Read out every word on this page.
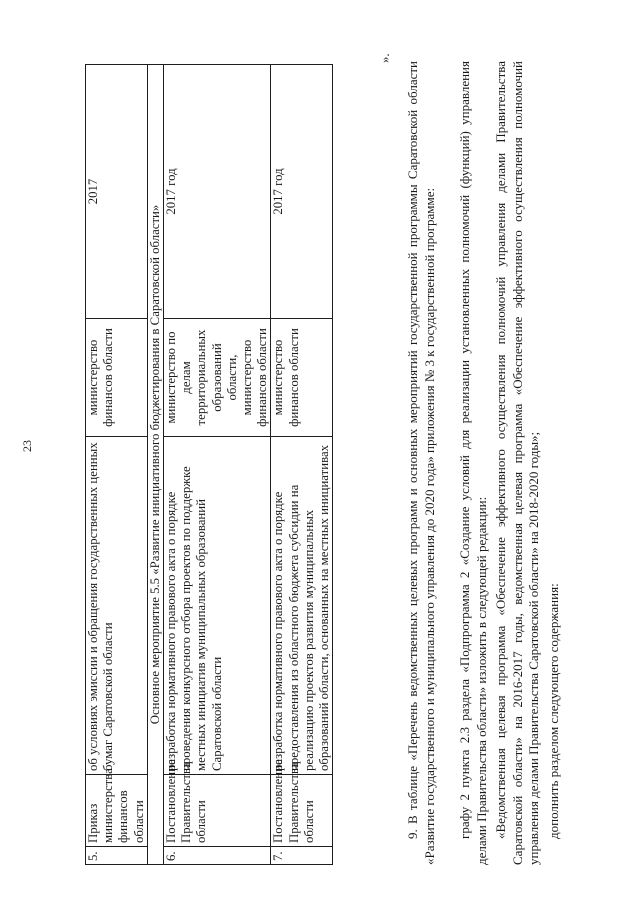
23
5.	Приказ министерства финансов области	об условиях эмиссии и обращения государственных ценных бумаг Саратовской области	министерство финансов области	2017
Основное мероприятие 5.5 «Развитие инициативного бюджетирования в Саратовской области»				
6.	Постановление Правительства области	разработка нормативного правового акта о порядке проведения конкурсного отбора проектов по поддержке местных инициатив муниципальных образований Саратовской области	министерство по делам территориальных образований области, министерство финансов области	2017 год
7.	Постановление Правительства области	разработка нормативного правового акта о порядке предоставления из областного бюджета субсидии на реализацию проектов развития муниципальных образований области, основанных на местных инициативах	министерство финансов области	2017 год
».

9. В таблице «Перечень ведомственных целевых программ и основных мероприятий государственной программы Саратовской области «Развитие государственного и муниципального управления до 2020 года» приложения № 3 к государственной программе: графу 2 пункта 2.3 раздела «Подпрограмма 2 «Создание условий для реализации установленных полномочий (функций) управления делами Правительства области» изложить в следующей редакции: «Ведомственная целевая программа «Обеспечение эффективного осуществления полномочий управления делами Правительства Саратовской области» на 2016-2017 годы, ведомственная целевая программа «Обеспечение эффективного осуществления полномочий управления делами Правительства Саратовской области» на 2018-2020 годы»; дополнить разделом следующего содержания:
